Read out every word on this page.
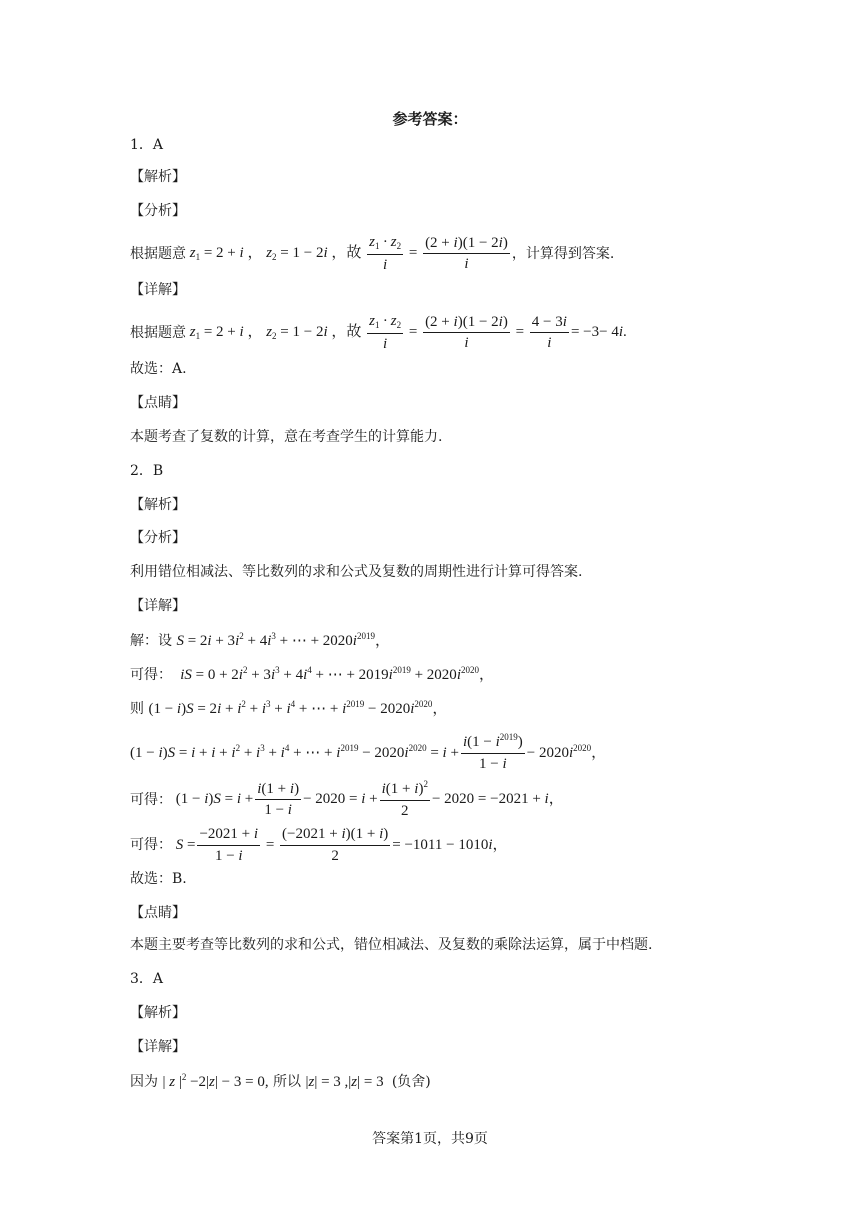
参考答案：
1．A
【解析】
【分析】
根据题意 $z_1 = 2 + i$ ， $z_2 = 1 - 2i$ ，故 $\frac{z_1 \cdot z_2}{i} = \frac{(2 + i)(1 - 2i)}{i}$ ，计算得到答案.
【详解】
根据题意 $z_1 = 2 + i$ ， $z_2 = 1 - 2i$ ，故 $\frac{z_1 \cdot z_2}{i} = \frac{(2 + i)(1 - 2i)}{i} = \frac{4 - 3i}{i} = -3- 4i$.
故选：A.
【点睛】
本题考查了复数的计算，意在考查学生的计算能力.
2．B
【解析】
【分析】
利用错位相减法、等比数列的求和公式及复数的周期性进行计算可得答案.
【详解】
解：设 $S = 2i + 3i^2 + 4i^3$ + ⋯ + $2020i^{2019}$，
可得：  iS = $0 + 2i^2 + 3i^3 + 4i^4$ + ⋯ + $2019i^{2019} + 2020i^{2020}$，
则 $(1 - i)S = 2i + i^2 + i^3 + i^4$ + ⋯ + $i^{2019} - 2020i^{2020}$，
$(1 - i)S = i + i + i^2 + i^3 + i^4$ + ⋯ + $i^{2019} - 2020i^{2020} = i + \frac{i(1 - i^{2019})}{1 - i} - 2020i^{2020}$，
可得： $(1 - i)S = i + \frac{i(1 + i)}{1 - i} - 2020 = i + \frac{i(1 + i)^2}{2} - 2020 = -2021 + i$，
可得： $S = \frac{-2021 + i}{1 - i} = \frac{(-2021 + i)(1 + i)}{2} = -1011 - 1010i$，
故选：B.
【点睛】
本题主要考查等比数列的求和公式，错位相减法、及复数的乘除法运算，属于中档题.
3．A
【解析】
【详解】
因为 | z $|^2 -2|z| - 3 = 0$, 所以 |z| = 3 ,|z| = 3  (负舍)
答案第1页，共9页
